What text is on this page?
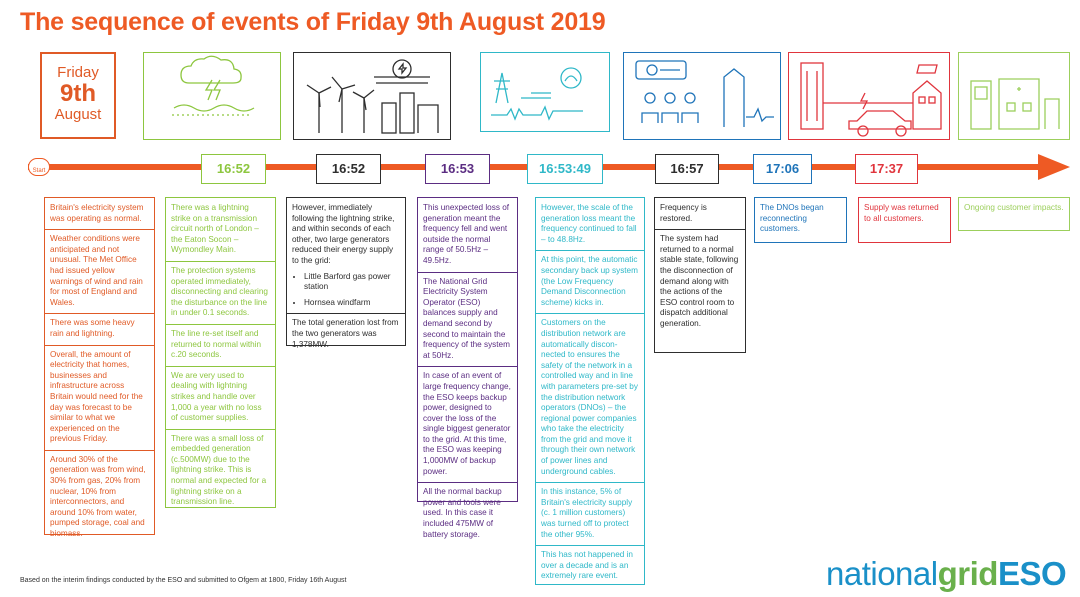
The sequence of events of Friday 9th August 2019
Friday
9th
August
Start	16:52	16:52	16:53	16:53:49	16:57	17:06	17:37

Britain's electricity system was operating as normal.

Weather conditions were anticipated and not unusual. The Met Office had issued yellow warnings of wind and rain for most of England and Wales.

There was some heavy rain and lightning.

Overall, the amount of electricity that homes, businesses and infrastructure across Britain would need for the day was forecast to be similar to what we experienced on the previous Friday.

Around 30% of the generation was from wind, 30% from gas, 20% from nuclear, 10% from interconnectors, and around 10% from water, pumped storage, coal and biomass.

There was a lightning strike on a transmission circuit north of London – the Eaton Socon – Wymondley Main.

The protection systems operated immediately, disconnecting and clearing the disturbance on the line in under 0.1 seconds.

The line re-set itself and returned to normal within c.20 seconds.

We are very used to dealing with lightning strikes and handle over 1,000 a year with no loss of customer supplies.

There was a small loss of embedded generation (c.500MW) due to the lightning strike. This is normal and expected for a lightning strike on a transmission line.

However, immediately following the lightning strike, and within seconds of each other, two large generators reduced their energy supply to the grid:

• Little Barford gas power station
• Hornsea windfarm

The total generation lost from the two generators was 1,378MW.

This unexpected loss of generation meant the frequency fell and went outside the normal range of 50.5Hz – 49.5Hz.

The National Grid Electricity System Operator (ESO) balances supply and demand second by second to maintain the frequency of the system at 50Hz.

In case of an event of large frequency change, the ESO keeps backup power, designed to cover the loss of the single biggest generator to the grid. At this time, the ESO was keeping 1,000MW of backup power.

All the normal backup power and tools were used. In this case it included 475MW of battery storage.

However, the scale of the generation loss meant the frequency continued to fall – to 48.8Hz.

At this point, the automatic secondary back up system (the Low Frequency Demand Disconnection scheme) kicks in.

Customers on the distribution network are automatically discon-nected to ensures the safety of the network in a controlled way and in line with parameters pre-set by the distribution network operators (DNOs) – the regional power companies who take the electricity from the grid and move it through their own network of power lines and underground cables.

In this instance, 5% of Britain's electricity supply (c. 1 million customers) was turned off to protect the other 95%.

This has not happened in over a decade and is an extremely rare event.

Frequency is restored.

The system had returned to a normal stable state, following the disconnection of demand along with the actions of the ESO control room to dispatch additional generation.

The DNOs began reconnecting customers.

Supply was returned to all customers.

Ongoing customer impacts.

Based on the interim findings conducted by the ESO and submitted to Ofgem at 1800, Friday 16th August	nationalgridESO
